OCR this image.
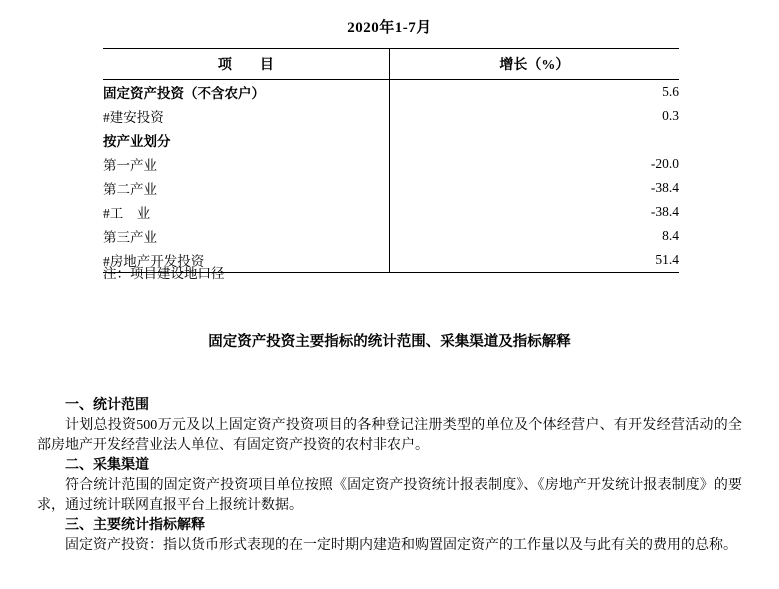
2020年1-7月
项　　目	增长（%）
固定资产投资（不含农户）	5.6
#建安投资	0.3
按产业划分	
第一产业	-20.0
第二产业	-38.4
#工　业	-38.4
第三产业	8.4
#房地产开发投资	51.4
注：项目建设地口径
固定资产投资主要指标的统计范围、采集渠道及指标解释
一、统计范围
计划总投资500万元及以上固定资产投资项目的各种登记注册类型的单位及个体经营户、有开发经营活动的全部房地产开发经营业法人单位、有固定资产投资的农村非农户。
二、采集渠道
符合统计范围的固定资产投资项目单位按照《固定资产投资统计报表制度》、《房地产开发统计报表制度》的要求，通过统计联网直报平台上报统计数据。
三、主要统计指标解释
固定资产投资：指以货币形式表现的在一定时期内建造和购置固定资产的工作量以及与此有关的费用的总称。
